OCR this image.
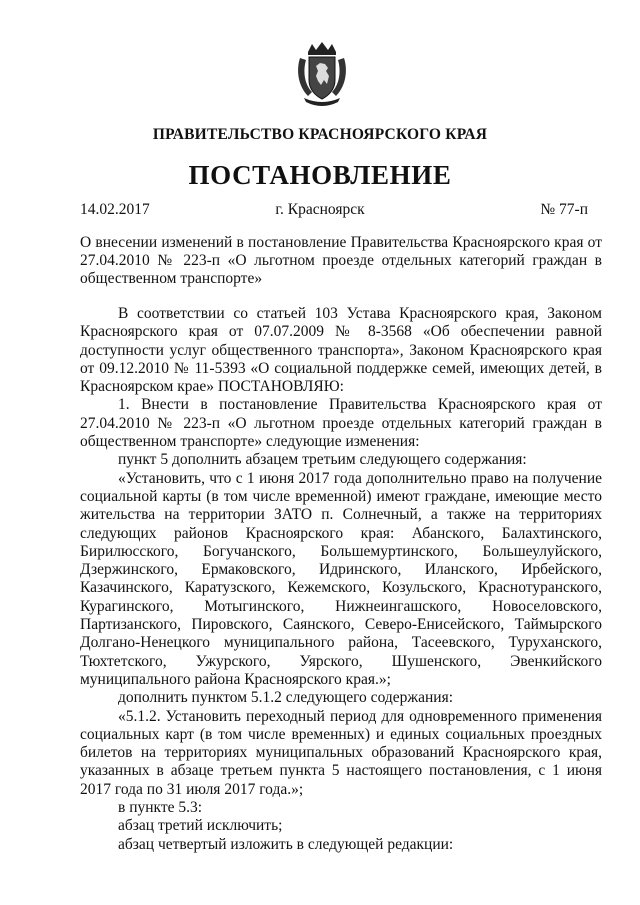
ПРАВИТЕЛЬСТВО КРАСНОЯРСКОГО КРАЯ
ПОСТАНОВЛЕНИЕ
14.02.2017	г. Красноярск	№ 77-п
О внесении изменений в постановление Правительства Красноярского края от 27.04.2010 № 223-п «О льготном проезде отдельных категорий граждан в общественном транспорте»

В соответствии со статьей 103 Устава Красноярского края, Законом Красноярского края от 07.07.2009 № 8-3568 «Об обеспечении равной доступности услуг общественного транспорта», Законом Красноярского края от 09.12.2010 № 11-5393 «О социальной поддержке семей, имеющих детей, в Красноярском крае» ПОСТАНОВЛЯЮ:

1. Внести в постановление Правительства Красноярского края от 27.04.2010 № 223-п «О льготном проезде отдельных категорий граждан в общественном транспорте» следующие изменения:

пункт 5 дополнить абзацем третьим следующего содержания:

«Установить, что с 1 июня 2017 года дополнительно право на получение социальной карты (в том числе временной) имеют граждане, имеющие место жительства на территории ЗАТО п. Солнечный, а также на территориях следующих районов Красноярского края: Абанского, Балахтинского, Бирилюсского, Богучанского, Большемуртинского, Большеулуйского, Дзержинского, Ермаковского, Идринского, Иланского, Ирбейского, Казачинского, Каратузского, Кежемского, Козульского, Краснотуранского, Курагинского, Мотыгинского, Нижнеингашского, Новоселовского, Партизанского, Пировского, Саянского, Северо-Енисейского, Таймырского Долгано-Ненецкого муниципального района, Тасеевского, Туруханского, Тюхтетского, Ужурского, Уярского, Шушенского, Эвенкийского муниципального района Красноярского края.»;

дополнить пунктом 5.1.2 следующего содержания:

«5.1.2. Установить переходный период для одновременного применения социальных карт (в том числе временных) и единых социальных проездных билетов на территориях муниципальных образований Красноярского края, указанных в абзаце третьем пункта 5 настоящего постановления, с 1 июня 2017 года по 31 июля 2017 года.»;

в пункте 5.3:

абзац третий исключить;

абзац четвертый изложить в следующей редакции:
